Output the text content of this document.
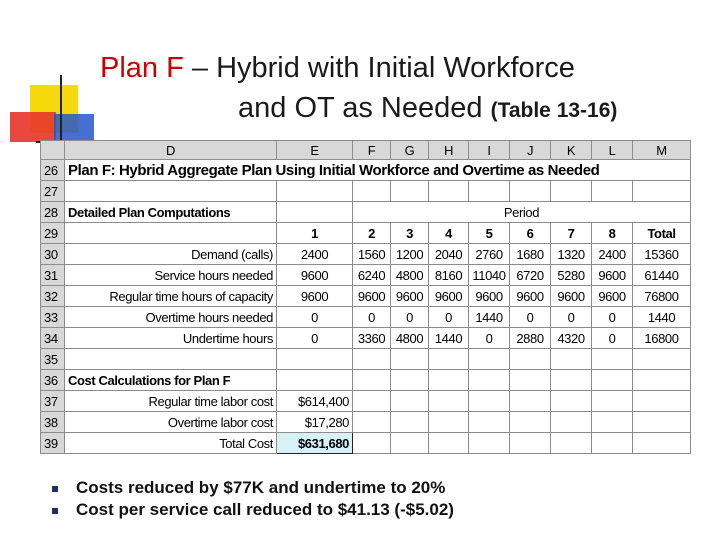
Plan F – Hybrid with Initial Workforce
and OT as Needed (Table 13-16)
	D	E	F	G	H	I	J	K	L	M
26	Plan F: Hybrid Aggregate Plan Using Initial Workforce and Overtime as Needed									
27										
28	Detailed Plan Computations		Period							
29		1	2	3	4	5	6	7	8	Total
30	Demand (calls)	2400	1560	1200	2040	2760	1680	1320	2400	15360
31	Service hours needed	9600	6240	4800	8160	11040	6720	5280	9600	61440
32	Regular time hours of capacity	9600	9600	9600	9600	9600	9600	9600	9600	76800
33	Overtime hours needed	0	0	0	0	1440	0	0	0	1440
34	Undertime hours	0	3360	4800	1440	0	2880	4320	0	16800
35										
36	Cost Calculations for Plan F									
37	Regular time labor cost	$614,400								
38	Overtime labor cost	$17,280								
39	Total Cost	$631,680								
Costs reduced by $77K and undertime to 20%
Cost per service call reduced to $41.13 (-$5.02)
